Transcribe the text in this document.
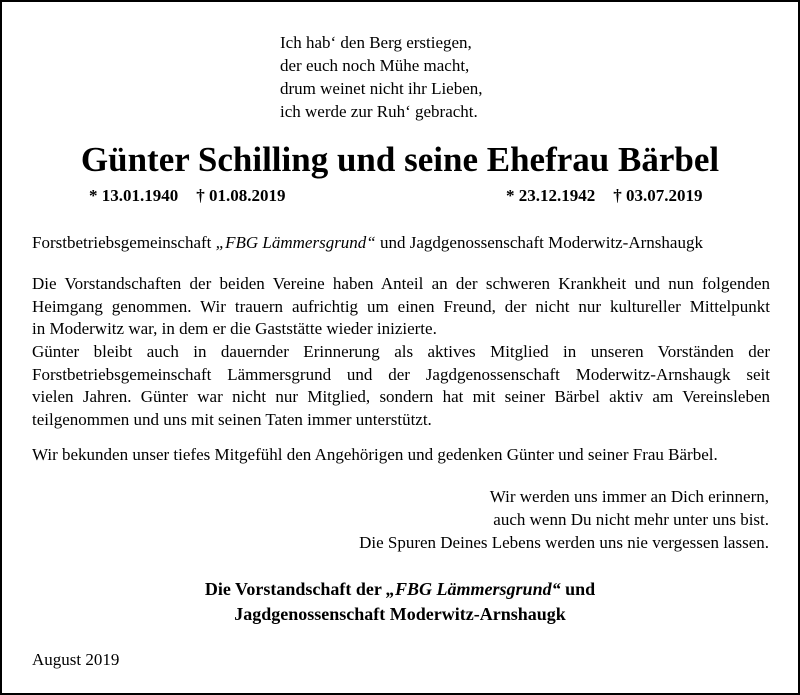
Ich hab‘ den Berg erstiegen,
der euch noch Mühe macht,
drum weinet nicht ihr Lieben,
ich werde zur Ruh‘ gebracht.
Günter Schilling und seine Ehefrau Bärbel
* 13.01.1940 † 01.08.2019	* 23.12.1942 † 03.07.2019
Forstbetriebsgemeinschaft „FBG Lämmersgrund“ und Jagdgenossenschaft Moderwitz-Arnshaugk
Die Vorstandschaften der beiden Vereine haben Anteil an der schweren Krankheit und nun folgenden
Heimgang genommen. Wir trauern aufrichtig um einen Freund, der nicht nur kultureller Mittelpunkt
in Moderwitz war, in dem er die Gaststätte wieder inizierte.
Günter bleibt auch in dauernder Erinnerung als aktives Mitglied in unseren Vorständen der
Forstbetriebsgemeinschaft Lämmersgrund und der Jagdgenossenschaft Moderwitz-Arnshaugk seit
vielen Jahren. Günter war nicht nur Mitglied, sondern hat mit seiner Bärbel aktiv am Vereinsleben
teilgenommen und uns mit seinen Taten immer unterstützt.
Wir bekunden unser tiefes Mitgefühl den Angehörigen und gedenken Günter und seiner Frau Bärbel.
Wir werden uns immer an Dich erinnern,
auch wenn Du nicht mehr unter uns bist.
Die Spuren Deines Lebens werden uns nie vergessen lassen.
Die Vorstandschaft der „FBG Lämmersgrund“ und
Jagdgenossenschaft Moderwitz-Arnshaugk
August 2019
